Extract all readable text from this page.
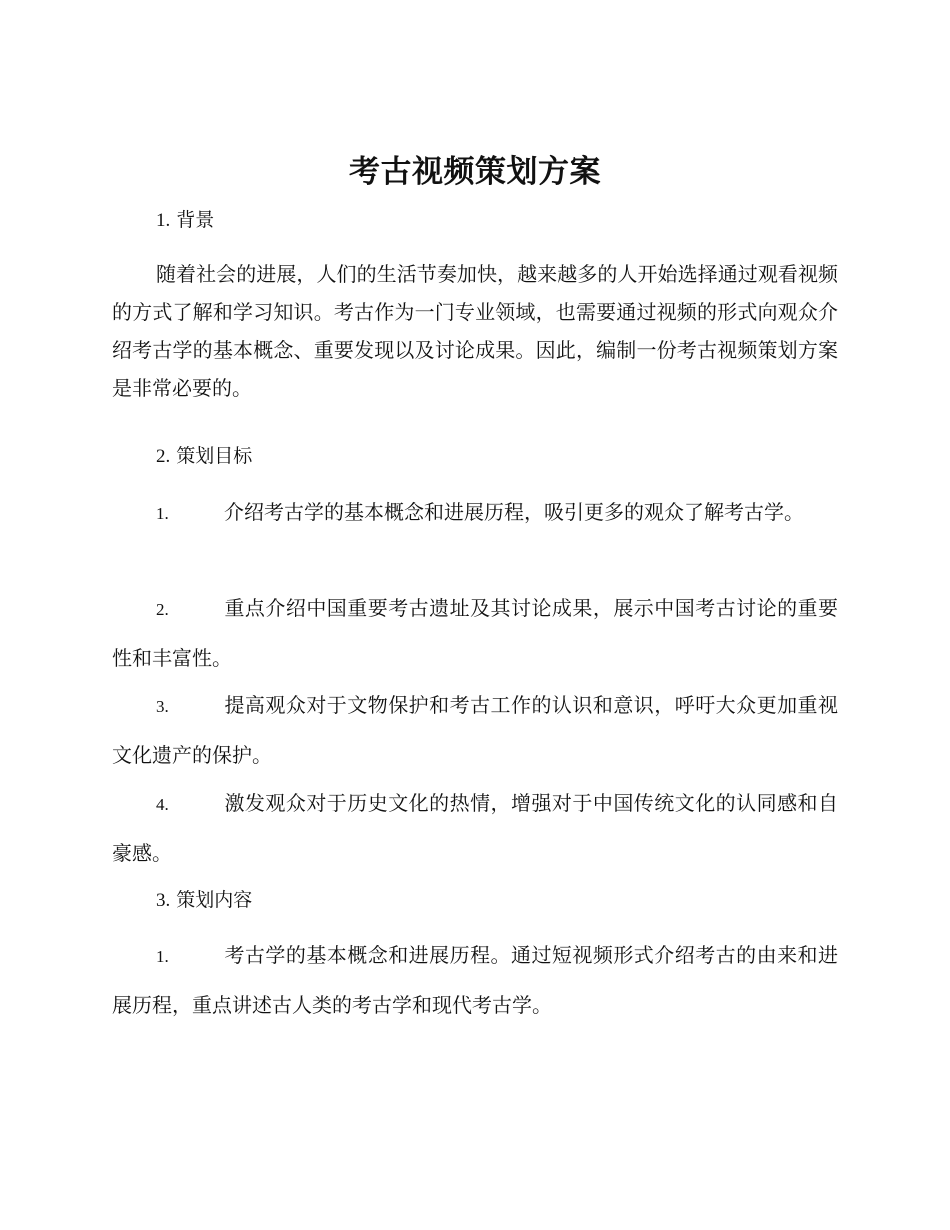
考古视频策划方案
1. 背景

随着社会的进展，人们的生活节奏加快，越来越多的人开始选择通过观看视频的方式了解和学习知识。考古作为一门专业领域，也需要通过视频的形式向观众介绍考古学的基本概念、重要发现以及讨论成果。因此，编制一份考古视频策划方案是非常必要的。

2. 策划目标

1.	介绍考古学的基本概念和进展历程，吸引更多的观众了解考古学。

2.	重点介绍中国重要考古遗址及其讨论成果，展示中国考古讨论的重要性和丰富性。

3.	提高观众对于文物保护和考古工作的认识和意识，呼吁大众更加重视文化遗产的保护。

4.	激发观众对于历史文化的热情，增强对于中国传统文化的认同感和自豪感。

3. 策划内容

1.	考古学的基本概念和进展历程。通过短视频形式介绍考古的由来和进展历程，重点讲述古人类的考古学和现代考古学。
